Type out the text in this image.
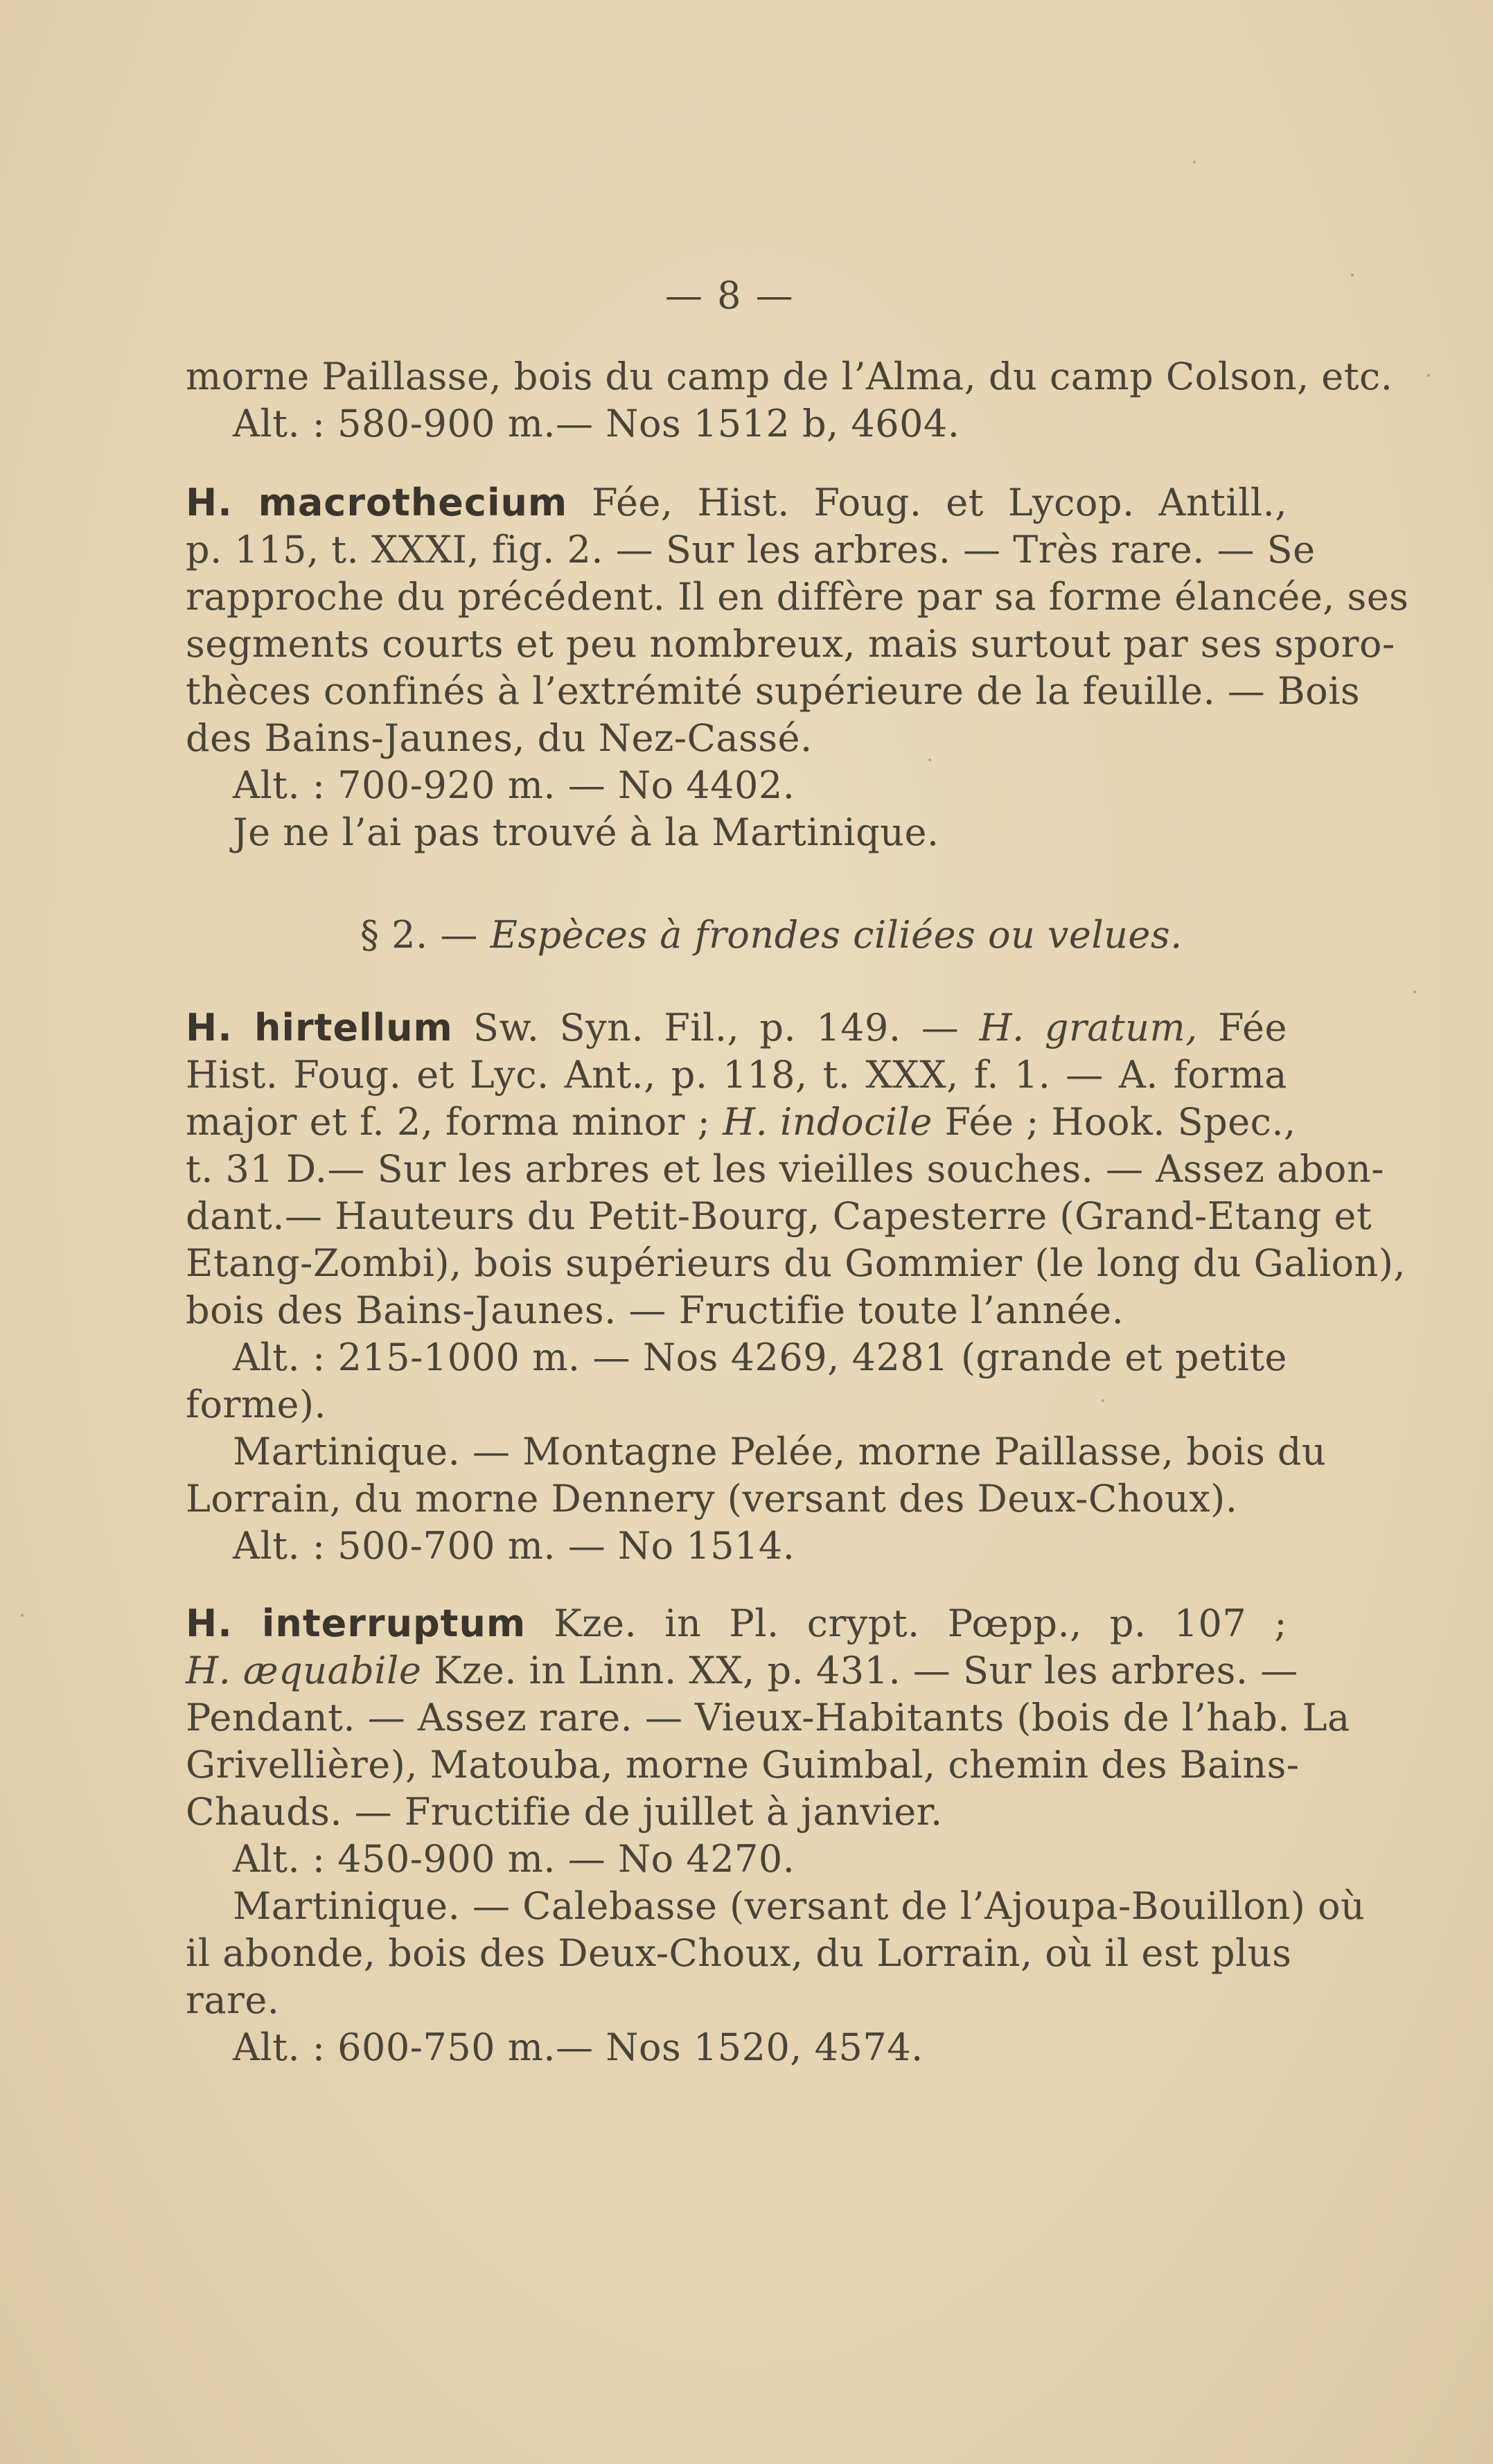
— 8 —
morne Paillasse, bois du camp de l’Alma, du camp Colson, etc.
Alt. : 580-900 m.— Nos 1512 b, 4604.
H. macrothecium Fée, Hist. Foug. et Lycop. Antill.,
p. 115, t. XXXI, fig. 2. — Sur les arbres. — Très rare. — Se
rapproche du précédent. Il en diffère par sa forme élancée, ses
segments courts et peu nombreux, mais surtout par ses sporo-
thèces confinés à l’extrémité supérieure de la feuille. — Bois
des Bains-Jaunes, du Nez-Cassé.
Alt. : 700-920 m. — No 4402.
Je ne l’ai pas trouvé à la Martinique.
§ 2. — Espèces à frondes ciliées ou velues.
H. hirtellum Sw. Syn. Fil., p. 149. — H. gratum, Fée
Hist. Foug. et Lyc. Ant., p. 118, t. XXX, f. 1. — A. forma
major et f. 2, forma minor ; H. indocile Fée ; Hook. Spec.,
t. 31 D.— Sur les arbres et les vieilles souches. — Assez abon-
dant.— Hauteurs du Petit-Bourg, Capesterre (Grand-Etang et
Etang-Zombi), bois supérieurs du Gommier (le long du Galion),
bois des Bains-Jaunes. — Fructifie toute l’année.
Alt. : 215-1000 m. — Nos 4269, 4281 (grande et petite
forme).
Martinique. — Montagne Pelée, morne Paillasse, bois du
Lorrain, du morne Dennery (versant des Deux-Choux).
Alt. : 500-700 m. — No 1514.
H. interruptum Kze. in Pl. crypt. Pœpp., p. 107 ;
H. æquabile Kze. in Linn. XX, p. 431. — Sur les arbres. —
Pendant. — Assez rare. — Vieux-Habitants (bois de l’hab. La
Grivellière), Matouba, morne Guimbal, chemin des Bains-
Chauds. — Fructifie de juillet à janvier.
Alt. : 450-900 m. — No 4270.
Martinique. — Calebasse (versant de l’Ajoupa-Bouillon) où
il abonde, bois des Deux-Choux, du Lorrain, où il est plus
rare.
Alt. : 600-750 m.— Nos 1520, 4574.
